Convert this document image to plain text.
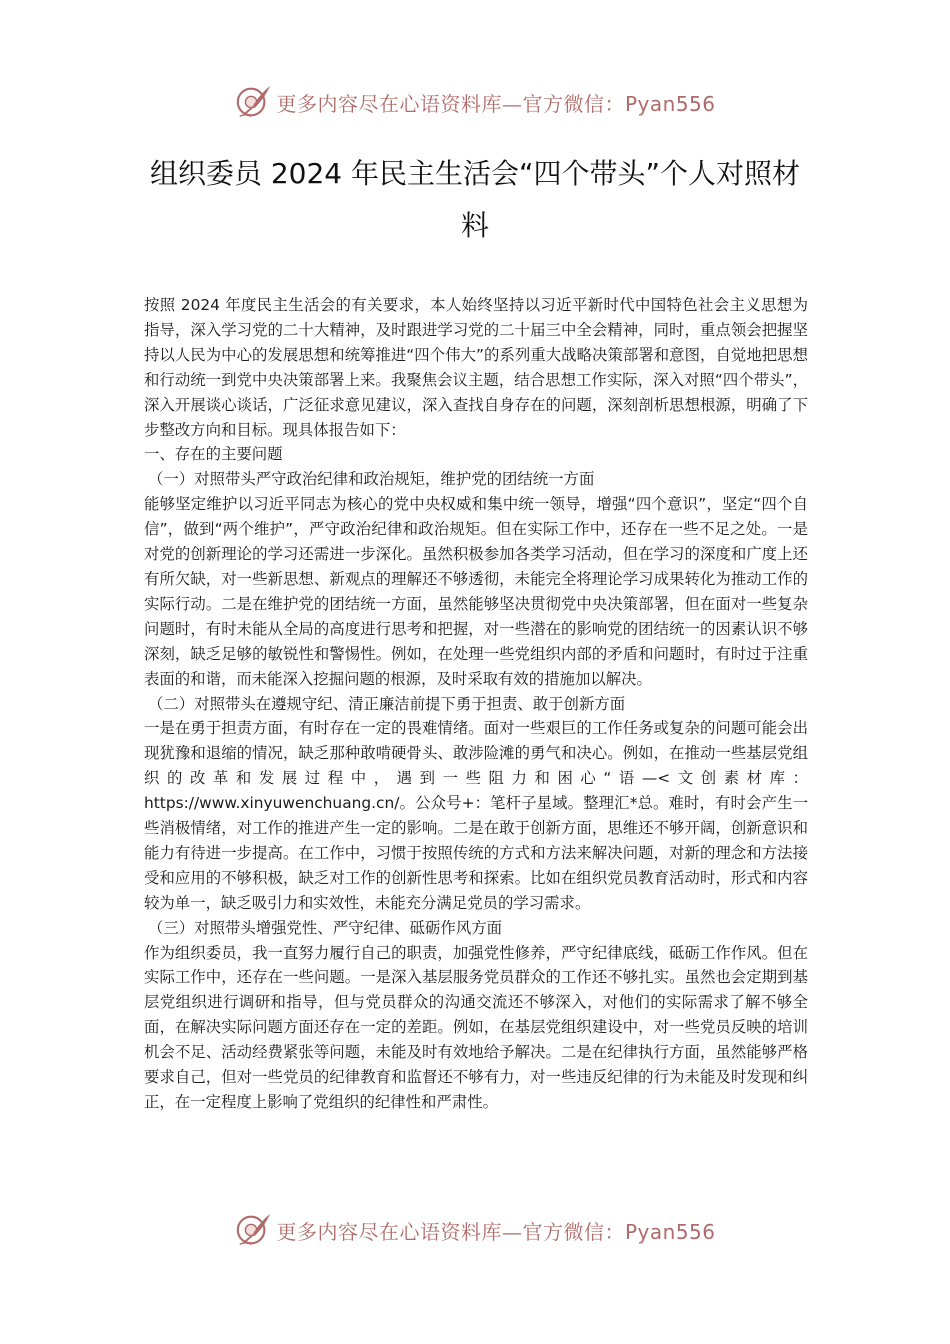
更多内容尽在心语资料库—官方微信：Pyan556
组织委员 2024 年民主生活会“四个带头”个人对照材料

按照 2024 年度民主生活会的有关要求，本人始终坚持以习近平新时代中国特色社会主义思想为指导，深入学习党的二十大精神，及时跟进学习党的二十届三中全会精神，同时，重点领会把握坚持以人民为中心的发展思想和统筹推进“四个伟大”的系列重大战略决策部署和意图，自觉地把思想和行动统一到党中央决策部署上来。我聚焦会议主题，结合思想工作实际，深入对照“四个带头”，深入开展谈心谈话，广泛征求意见建议，深入查找自身存在的问题，深刻剖析思想根源，明确了下步整改方向和目标。现具体报告如下：

一、存在的主要问题

（一）对照带头严守政治纪律和政治规矩，维护党的团结统一方面

能够坚定维护以习近平同志为核心的党中央权威和集中统一领导，增强“四个意识”，坚定“四个自信”，做到“两个维护”，严守政治纪律和政治规矩。但在实际工作中，还存在一些不足之处。一是对党的创新理论的学习还需进一步深化。虽然积极参加各类学习活动，但在学习的深度和广度上还有所欠缺，对一些新思想、新观点的理解还不够透彻，未能完全将理论学习成果转化为推动工作的实际行动。二是在维护党的团结统一方面，虽然能够坚决贯彻党中央决策部署，但在面对一些复杂问题时，有时未能从全局的高度进行思考和把握，对一些潜在的影响党的团结统一的因素认识不够深刻，缺乏足够的敏锐性和警惕性。例如，在处理一些党组织内部的矛盾和问题时，有时过于注重表面的和谐，而未能深入挖掘问题的根源，及时采取有效的措施加以解决。

（二）对照带头在遵规守纪、清正廉洁前提下勇于担责、敢于创新方面

一是在勇于担责方面，有时存在一定的畏难情绪。面对一些艰巨的工作任务或复杂的问题可能会出现犹豫和退缩的情况，缺乏那种敢啃硬骨头、敢涉险滩的勇气和决心。例如，在推动一些基层党组织的改革和发展过程中，遇到一些阻力和困心“语—<文创素材库：https://www.xinyuwenchuang.cn/。公众号+：笔杆子星域。整理汇*总。难时，有时会产生一些消极情绪，对工作的推进产生一定的影响。二是在敢于创新方面，思维还不够开阔，创新意识和能力有待进一步提高。在工作中，习惯于按照传统的方式和方法来解决问题，对新的理念和方法接受和应用的不够积极，缺乏对工作的创新性思考和探索。比如在组织党员教育活动时，形式和内容较为单一，缺乏吸引力和实效性，未能充分满足党员的学习需求。

（三）对照带头增强党性、严守纪律、砥砺作风方面

作为组织委员，我一直努力履行自己的职责，加强党性修养，严守纪律底线，砥砺工作作风。但在实际工作中，还存在一些问题。一是深入基层服务党员群众的工作还不够扎实。虽然也会定期到基层党组织进行调研和指导，但与党员群众的沟通交流还不够深入，对他们的实际需求了解不够全面，在解决实际问题方面还存在一定的差距。例如，在基层党组织建设中，对一些党员反映的培训机会不足、活动经费紧张等问题，未能及时有效地给予解决。二是在纪律执行方面，虽然能够严格要求自己，但对一些党员的纪律教育和监督还不够有力，对一些违反纪律的行为未能及时发现和纠正，在一定程度上影响了党组织的纪律性和严肃性。

更多内容尽在心语资料库—官方微信：Pyan556
